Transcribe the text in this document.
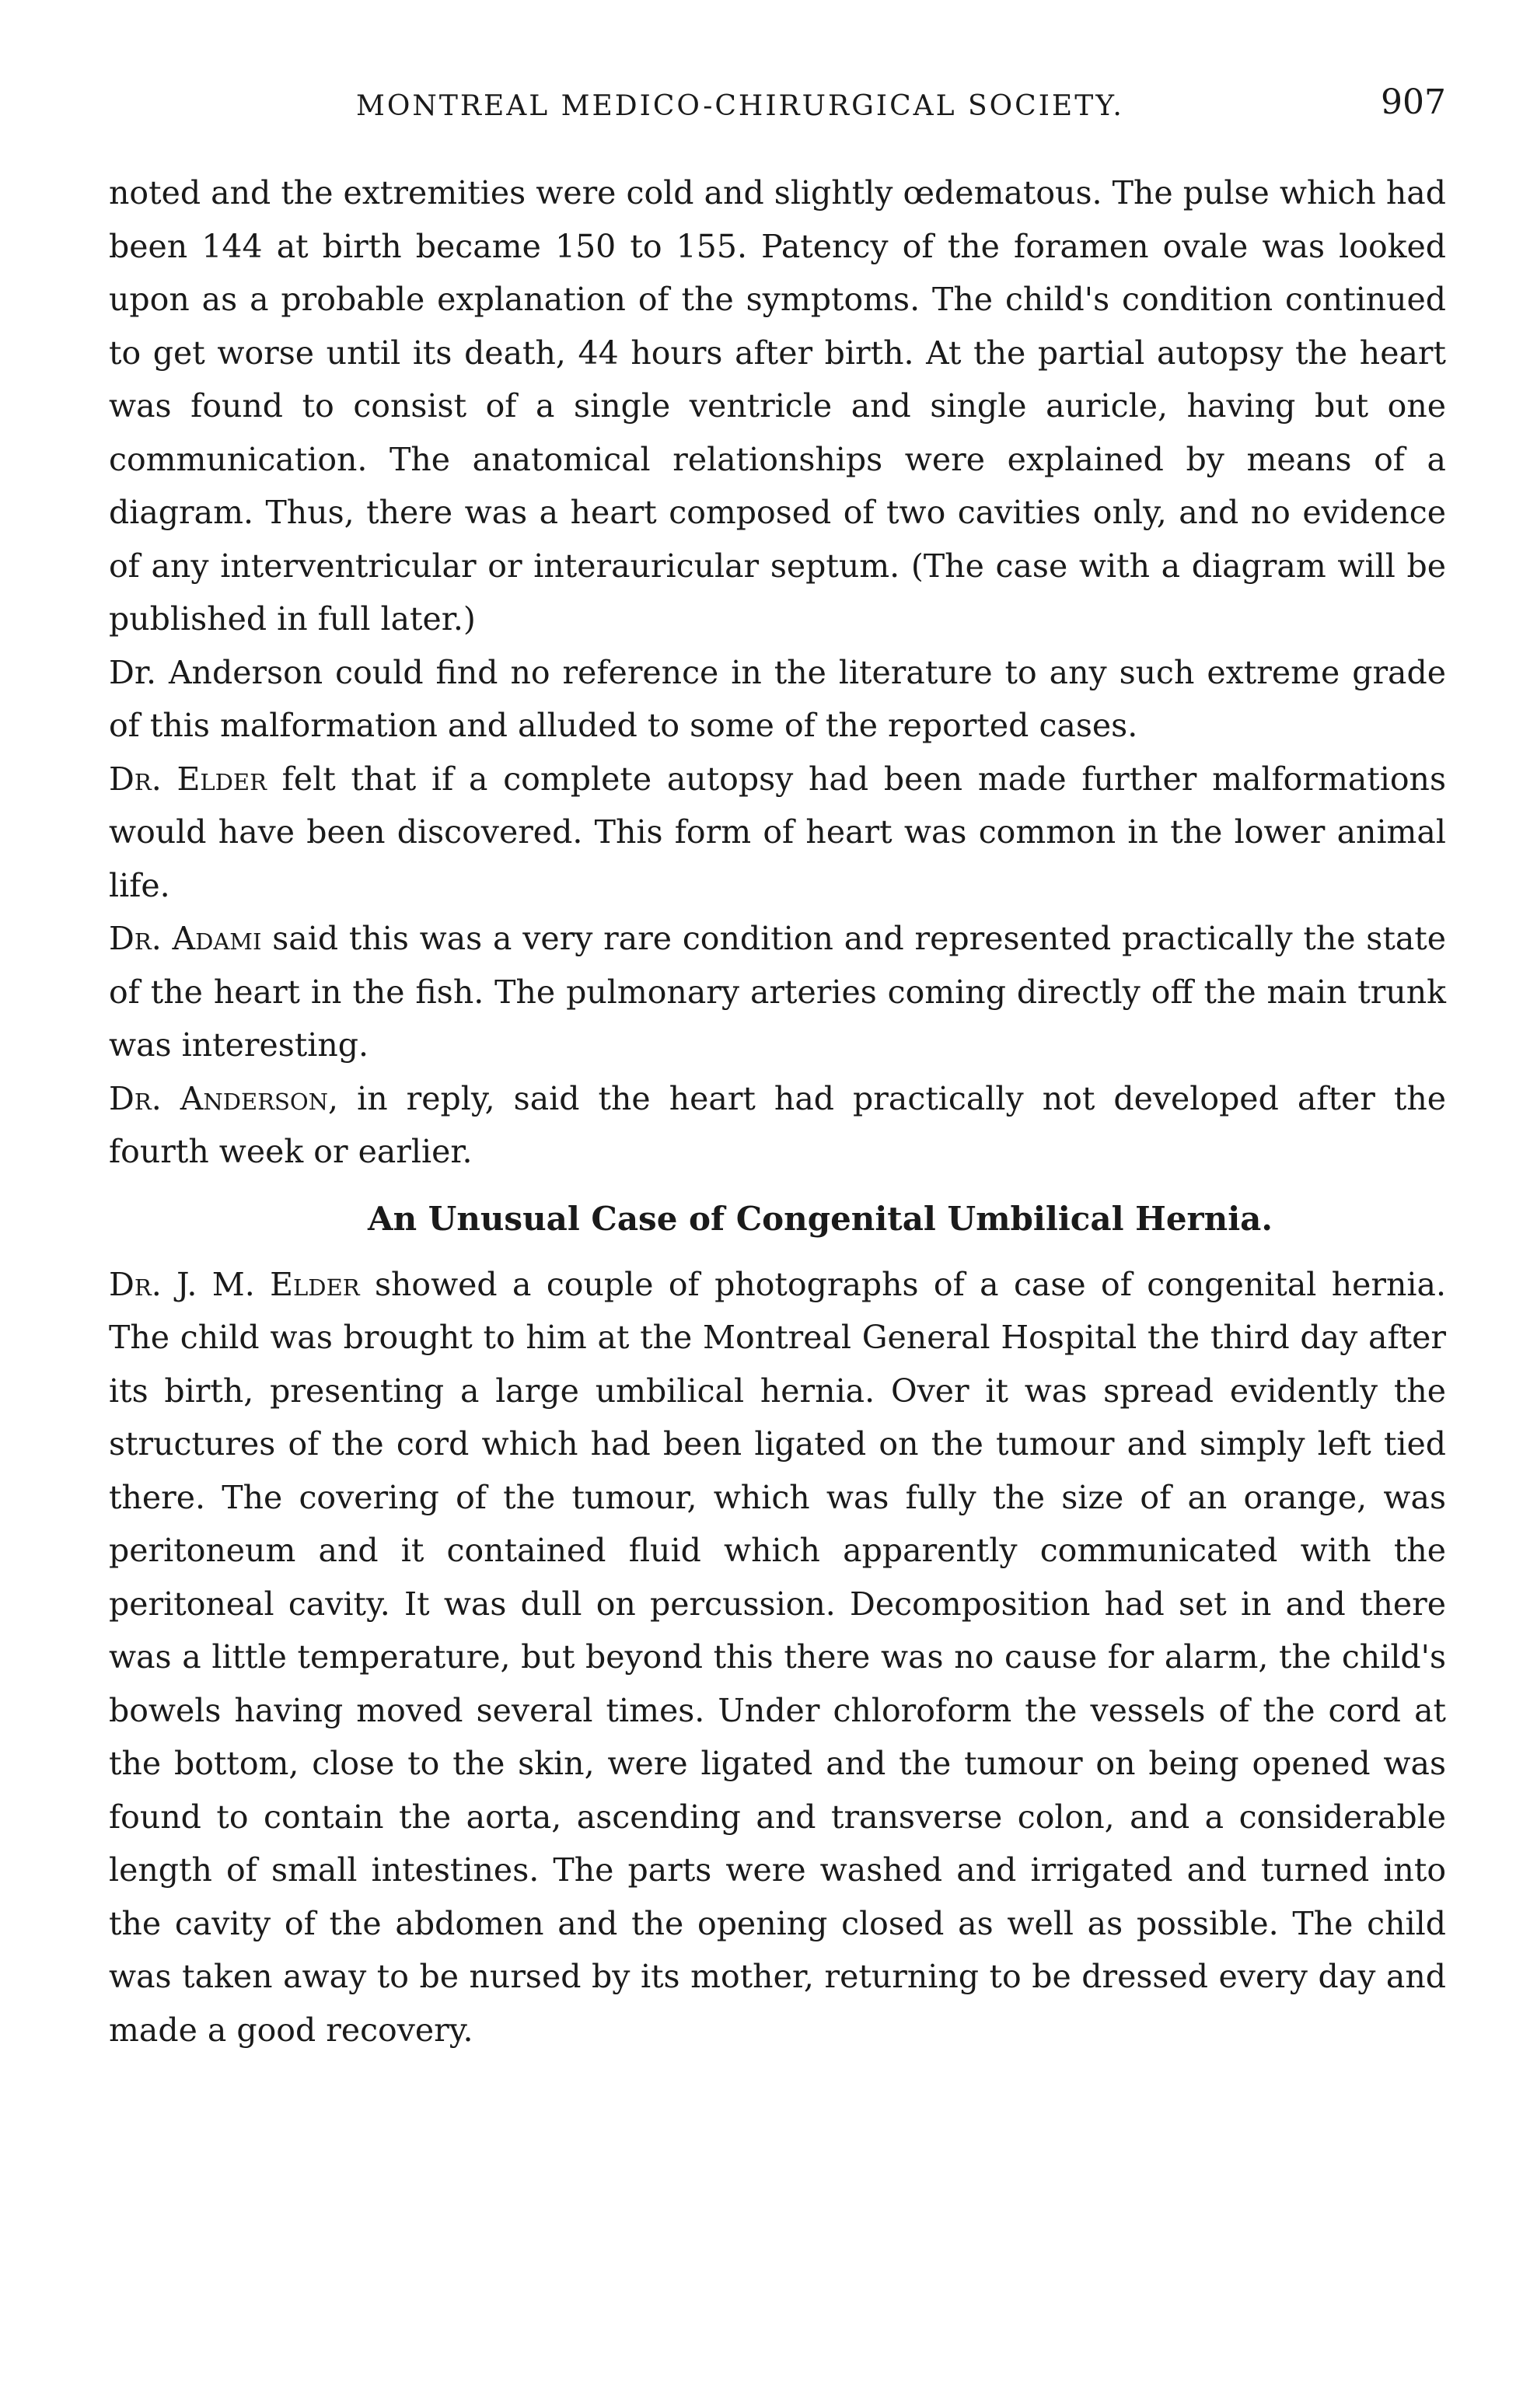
MONTREAL MEDICO-CHIRURGICAL SOCIETY.	907

noted and the extremities were cold and slightly œdematous. The pulse which had been 144 at birth became 150 to 155. Patency of the foramen ovale was looked upon as a probable explanation of the symptoms. The child's condition continued to get worse until its death, 44 hours after birth. At the partial autopsy the heart was found to consist of a single ventricle and single auricle, having but one communication. The anatomical relationships were explained by means of a diagram. Thus, there was a heart composed of two cavities only, and no evidence of any interventricular or interauricular septum. (The case with a diagram will be published in full later.)

Dr. Anderson could find no reference in the literature to any such extreme grade of this malformation and alluded to some of the reported cases.

Dr. Elder felt that if a complete autopsy had been made further malformations would have been discovered. This form of heart was common in the lower animal life.

Dr. Adami said this was a very rare condition and represented practically the state of the heart in the fish. The pulmonary arteries coming directly off the main trunk was interesting.

Dr. Anderson, in reply, said the heart had practically not developed after the fourth week or earlier.

An Unusual Case of Congenital Umbilical Hernia.

Dr. J. M. Elder showed a couple of photographs of a case of congenital hernia. The child was brought to him at the Montreal General Hospital the third day after its birth, presenting a large umbilical hernia. Over it was spread evidently the structures of the cord which had been ligated on the tumour and simply left tied there. The covering of the tumour, which was fully the size of an orange, was peritoneum and it contained fluid which apparently communicated with the peritoneal cavity. It was dull on percussion. Decomposition had set in and there was a little temperature, but beyond this there was no cause for alarm, the child's bowels having moved several times. Under chloroform the vessels of the cord at the bottom, close to the skin, were ligated and the tumour on being opened was found to contain the aorta, ascending and transverse colon, and a considerable length of small intestines. The parts were washed and irrigated and turned into the cavity of the abdomen and the opening closed as well as possible. The child was taken away to be nursed by its mother, returning to be dressed every day and made a good recovery.
